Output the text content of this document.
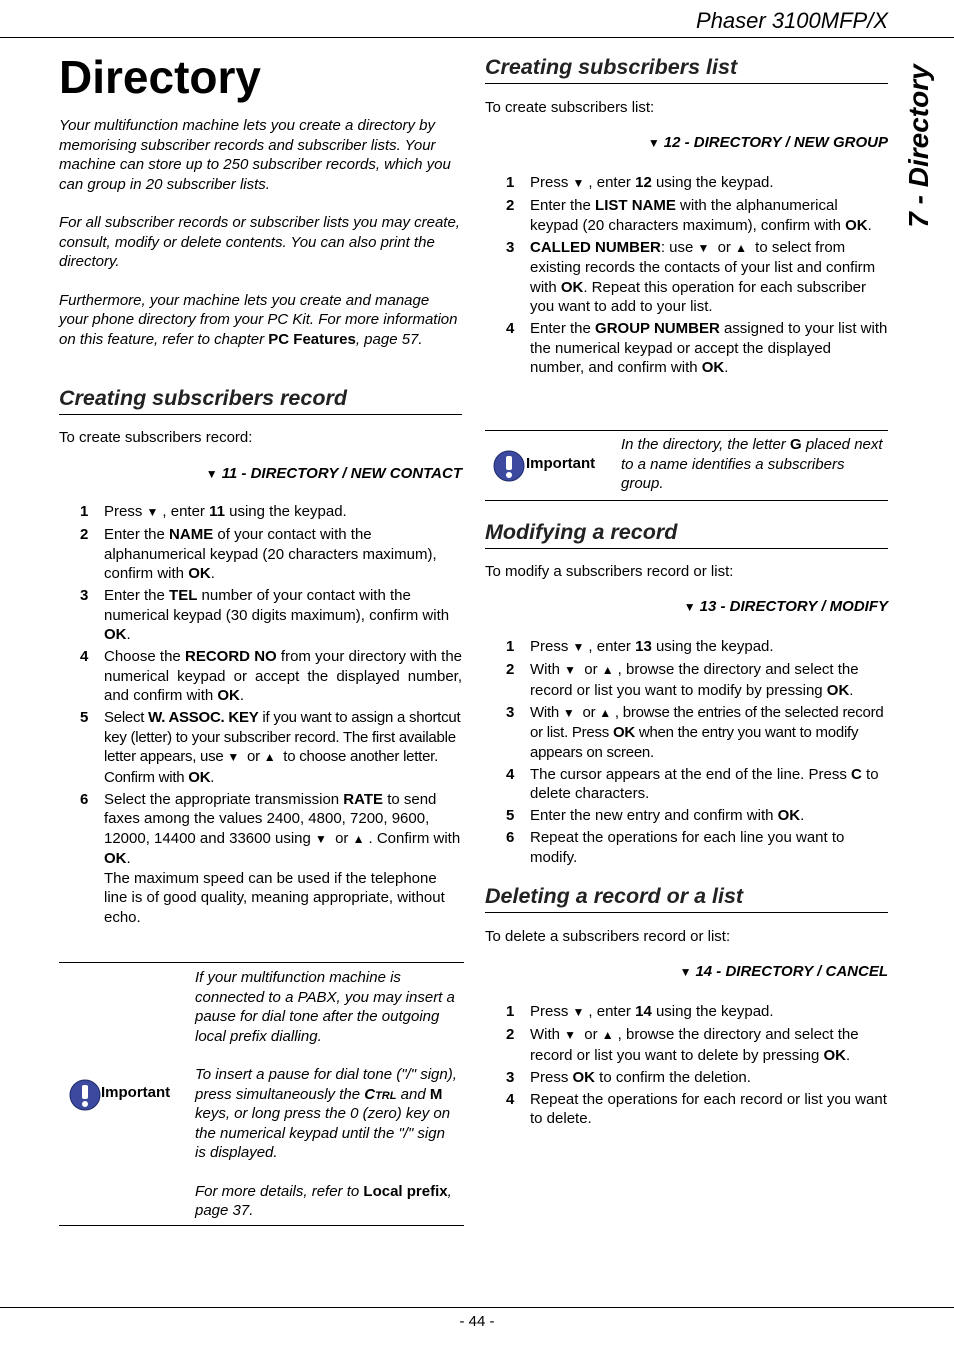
Phaser 3100MFP/X
7 - Directory
Directory

Your multifunction machine lets you create a directory by memorising subscriber records and subscriber lists. Your machine can store up to 250 subscriber records, which you can group in 20 subscriber lists.

For all subscriber records or subscriber lists you may create, consult, modify or delete contents. You can also print the directory.

Furthermore, your machine lets you create and manage your phone directory from your PC Kit. For more information on this feature, refer to chapter PC Features, page 57.

Creating subscribers record
To create subscribers record:
▼ 11 - DIRECTORY / NEW CONTACT
1 Press ▼ , enter 11 using the keypad.
2 Enter the NAME of your contact with the alphanumerical keypad (20 characters maximum), confirm with OK.
3 Enter the TEL number of your contact with the numerical keypad (30 digits maximum), confirm with OK.
4 Choose the RECORD NO from your directory with the numerical keypad or accept the displayed number, and confirm with OK.
5 Select W. ASSOC. KEY if you want to assign a shortcut key (letter) to your subscriber record. The first available letter appears, use ▼ or ▲ to choose another letter. Confirm with OK.
6 Select the appropriate transmission RATE to send faxes among the values 2400, 4800, 7200, 9600, 12000, 14400 and 33600 using ▼ or ▲ . Confirm with OK.
The maximum speed can be used if the telephone line is of good quality, meaning appropriate, without echo.
Important

If your multifunction machine is connected to a PABX, you may insert a pause for dial tone after the outgoing local prefix dialling.

To insert a pause for dial tone ("/" sign), press simultaneously the Ctrl and M keys, or long press the 0 (zero) key on the numerical keypad until the "/" sign is displayed.

For more details, refer to Local prefix, page 37.

Creating subscribers list
To create subscribers list:
▼ 12 - DIRECTORY / NEW GROUP
1 Press ▼ , enter 12 using the keypad.
2 Enter the LIST NAME with the alphanumerical keypad (20 characters maximum), confirm with OK.
3 CALLED NUMBER: use ▼ or ▲ to select from existing records the contacts of your list and confirm with OK. Repeat this operation for each subscriber you want to add to your list.
4 Enter the GROUP NUMBER assigned to your list with the numerical keypad or accept the displayed number, and confirm with OK.
Important
In the directory, the letter G placed next to a name identifies a subscribers group.
Modifying a record
To modify a subscribers record or list:
▼ 13 - DIRECTORY / MODIFY
1 Press ▼ , enter 13 using the keypad.
2 With ▼ or ▲ , browse the directory and select the record or list you want to modify by pressing OK.
3 With ▼ or ▲ , browse the entries of the selected record or list. Press OK when the entry you want to modify appears on screen.
4 The cursor appears at the end of the line. Press C to delete characters.
5 Enter the new entry and confirm with OK.
6 Repeat the operations for each line you want to modify.
Deleting a record or a list
To delete a subscribers record or list:
▼ 14 - DIRECTORY / CANCEL
1 Press ▼ , enter 14 using the keypad.
2 With ▼ or ▲ , browse the directory and select the record or list you want to delete by pressing OK.
3 Press OK to confirm the deletion.
4 Repeat the operations for each record or list you want to delete.
- 44 -
